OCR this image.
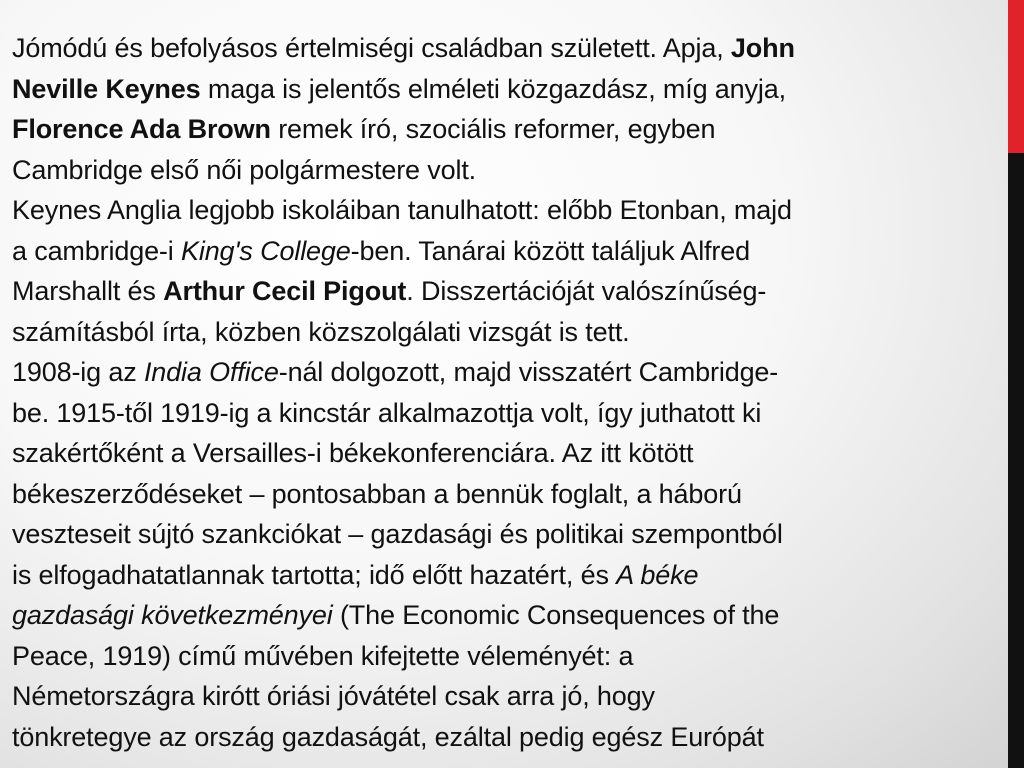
Jómódú és befolyásos értelmiségi családban született. Apja, John
Neville Keynes maga is jelentős elméleti közgazdász, míg anyja,
Florence Ada Brown remek író, szociális reformer, egyben
Cambridge első női polgármestere volt.
Keynes Anglia legjobb iskoláiban tanulhatott: előbb Etonban, majd
a cambridge-i King's College-ben. Tanárai között találjuk Alfred
Marshallt és Arthur Cecil Pigout. Disszertációját valószínűség-
számításból írta, közben közszolgálati vizsgát is tett.
1908-ig az India Office-nál dolgozott, majd visszatért Cambridge-
be. 1915-től 1919-ig a kincstár alkalmazottja volt, így juthatott ki
szakértőként a Versailles-i békekonferenciára. Az itt kötött
békeszerződéseket – pontosabban a bennük foglalt, a háború
veszteseit sújtó szankciókat – gazdasági és politikai szempontból
is elfogadhatatlannak tartotta; idő előtt hazatért, és A béke
gazdasági következményei (The Economic Consequences of the
Peace, 1919) című művében kifejtette véleményét: a
Németországra kirótt óriási jóvátétel csak arra jó, hogy
tönkretegye az ország gazdaságát, ezáltal pedig egész Európát
